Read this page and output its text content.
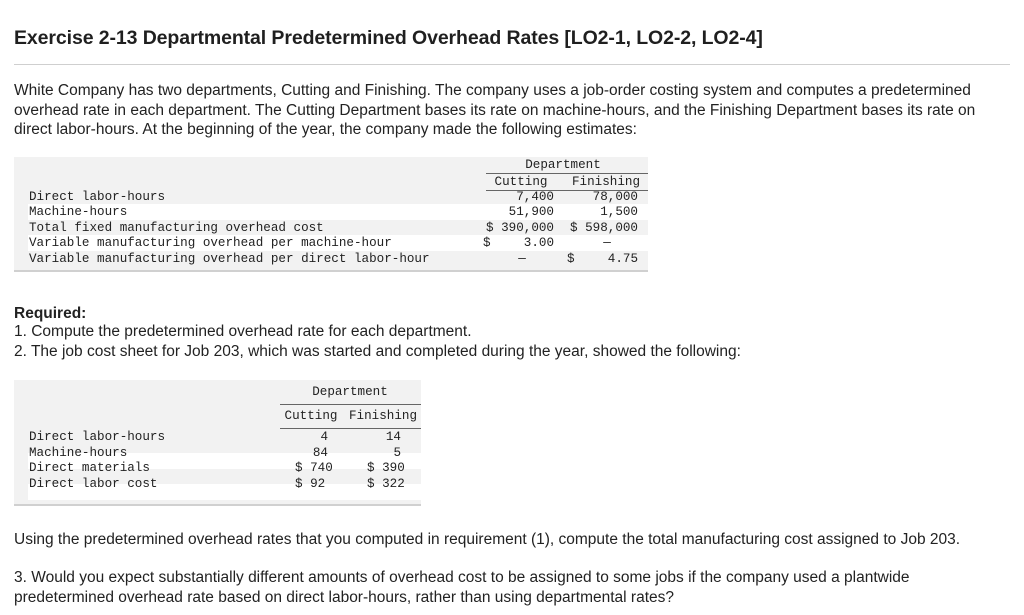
Exercise 2-13 Departmental Predetermined Overhead Rates [LO2-1, LO2-2, LO2-4]

White Company has two departments, Cutting and Finishing. The company uses a job-order costing system and computes a predetermined overhead rate in each department. The Cutting Department bases its rate on machine-hours, and the Finishing Department bases its rate on direct labor-hours. At the beginning of the year, the company made the following estimates:

Department
Cutting	Finishing
Direct labor-hours	7,400	78,000
Machine-hours	51,900	1,500
Total fixed manufacturing overhead cost	$ 390,000	$ 598,000
Variable manufacturing overhead per machine-hour	$	3.00	—
Variable manufacturing overhead per direct labor-hour	—	$	4.75

Required:

1. Compute the predetermined overhead rate for each department.

2. The job cost sheet for Job 203, which was started and completed during the year, showed the following:

Department
Cutting Finishing
Direct labor-hours	4	14
Machine-hours	84	5
Direct materials	$ 740	$ 390
Direct labor cost	$ 92	$ 322

Using the predetermined overhead rates that you computed in requirement (1), compute the total manufacturing cost assigned to Job 203.

3. Would you expect substantially different amounts of overhead cost to be assigned to some jobs if the company used a plantwide predetermined overhead rate based on direct labor-hours, rather than using departmental rates?
